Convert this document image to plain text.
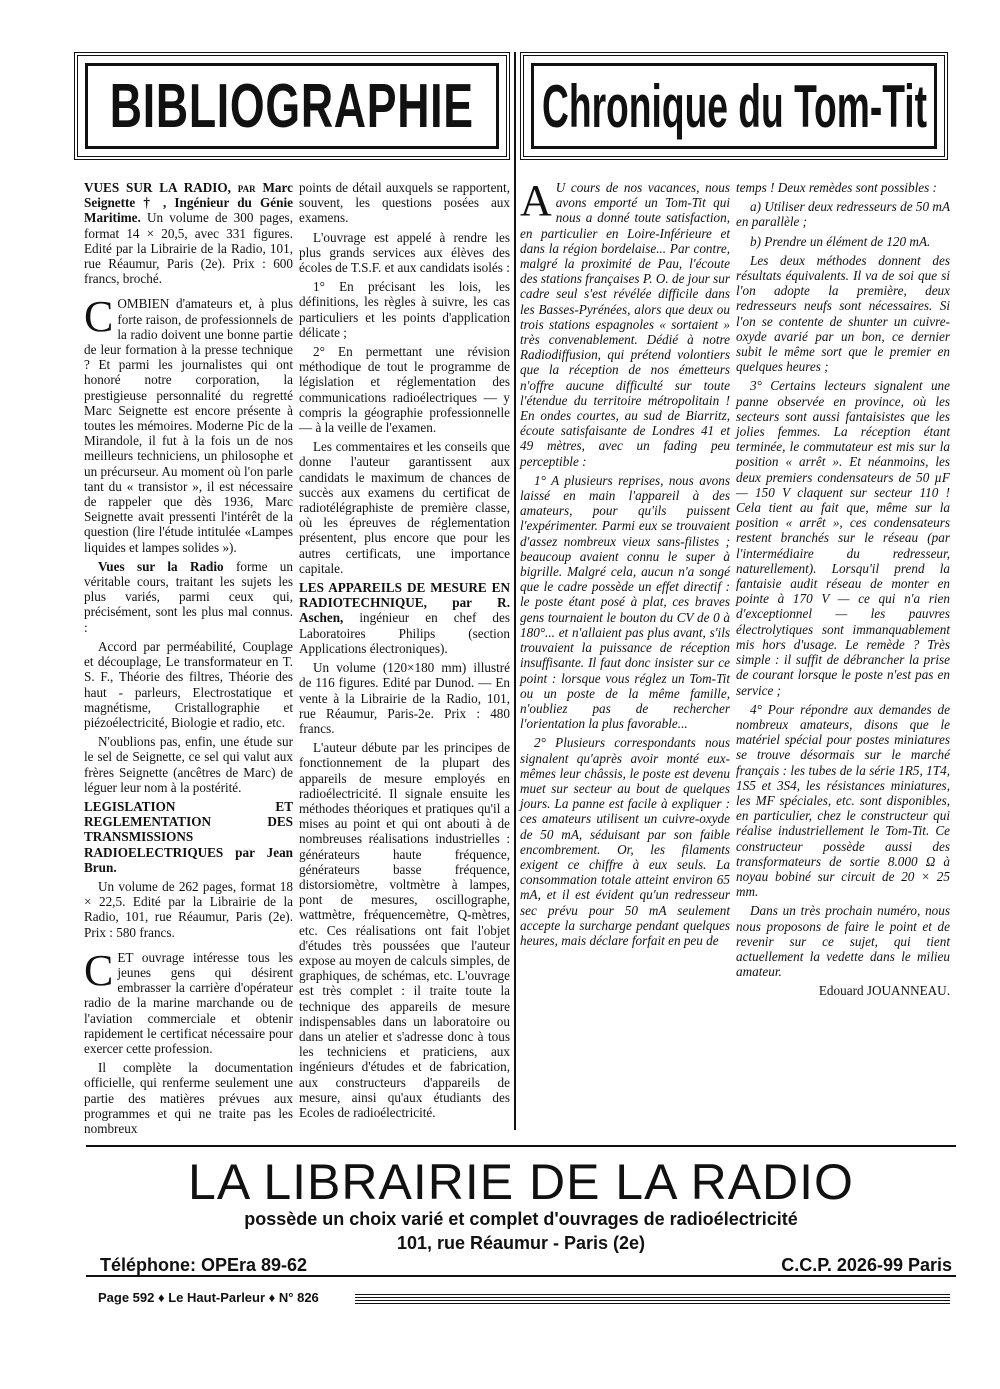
BIBLIOGRAPHIE Chronique du Tom-Tit

VUES SUR LA RADIO, par Marc Seignette † , Ingénieur du Génie Maritime. Un volume de 300 pages, format 14 × 20,5, avec 331 figures. Edité par la Librairie de la Radio, 101, rue Réaumur, Paris (2e). Prix : 600 francs, broché.

COMBIEN d'amateurs et, à plus forte raison, de professionnels de la radio doivent une bonne partie de leur formation à la presse technique ? Et parmi les journalistes qui ont honoré notre corporation, la prestigieuse personnalité du regretté Marc Seignette est encore présente à toutes les mémoires. Moderne Pic de la Mirandole, il fut à la fois un de nos meilleurs techniciens, un philosophe et un précurseur. Au moment où l'on parle tant du « transistor », il est nécessaire de rappeler que dès 1936, Marc Seignette avait pressenti l'intérêt de la question (lire l'étude intitulée «Lampes liquides et lampes solides »).

Vues sur la Radio forme un véritable cours, traitant les sujets les plus variés, parmi ceux qui, précisément, sont les plus mal connus. :

Accord par perméabilité, Couplage et découplage, Le transformateur en T. S. F., Théorie des filtres, Théorie des haut - parleurs, Electrostatique et magnétisme, Cristallographie et piézoélectricité, Biologie et radio, etc.

N'oublions pas, enfin, une étude sur le sel de Seignette, ce sel qui valut aux frères Seignette (ancêtres de Marc) de léguer leur nom à la postérité.

LEGISLATION ET REGLEMENTATION DES TRANSMISSIONS RADIOELECTRIQUES par Jean Brun.

Un volume de 262 pages, format 18 × 22,5. Edité par la Librairie de la Radio, 101, rue Réaumur, Paris (2e). Prix : 580 francs.

CET ouvrage intéresse tous les jeunes gens qui désirent embrasser la carrière d'opérateur radio de la marine marchande ou de l'aviation commerciale et obtenir rapidement le certificat nécessaire pour exercer cette profession.

Il complète la documentation officielle, qui renferme seulement une partie des matières prévues aux programmes et qui ne traite pas les nombreux

points de détail auxquels se rapportent, souvent, les questions posées aux examens.

L'ouvrage est appelé à rendre les plus grands services aux élèves des écoles de T.S.F. et aux candidats isolés :

1° En précisant les lois, les définitions, les règles à suivre, les cas particuliers et les points d'application délicate ;

2° En permettant une révision méthodique de tout le programme de législation et réglementation des communications radioélectriques — y compris la géographie professionnelle — à la veille de l'examen.

Les commentaires et les conseils que donne l'auteur garantissent aux candidats le maximum de chances de succès aux examens du certificat de radiotélégraphiste de première classe, où les épreuves de réglementation présentent, plus encore que pour les autres certificats, une importance capitale.

LES APPAREILS DE MESURE EN RADIOTECHNIQUE, par R. Aschen, ingénieur en chef des Laboratoires Philips (section Applications électroniques).

Un volume (120×180 mm) illustré de 116 figures. Edité par Dunod. — En vente à la Librairie de la Radio, 101, rue Réaumur, Paris-2e. Prix : 480 francs.

L'auteur débute par les principes de fonctionnement de la plupart des appareils de mesure employés en radioélectricité. Il signale ensuite les méthodes théoriques et pratiques qu'il a mises au point et qui ont abouti à de nombreuses réalisations industrielles : générateurs haute fréquence, générateurs basse fréquence, distorsiomètre, voltmètre à lampes, pont de mesures, oscillographe, wattmètre, fréquencemètre, Q-mètres, etc. Ces réalisations ont fait l'objet d'études très poussées que l'auteur expose au moyen de calculs simples, de graphiques, de schémas, etc. L'ouvrage est très complet : il traite toute la technique des appareils de mesure indispensables dans un laboratoire ou dans un atelier et s'adresse donc à tous les techniciens et praticiens, aux ingénieurs d'études et de fabrication, aux constructeurs d'appareils de mesure, ainsi qu'aux étudiants des Ecoles de radioélectricité.

A U cours de nos vacances, nous avons emporté un Tom-Tit qui nous a donné toute satisfaction, en particulier en Loire-Inférieure et dans la région bordelaise... Par contre, malgré la proximité de Pau, l'écoute des stations françaises P. O. de jour sur cadre seul s'est révélée difficile dans les Basses-Pyrénées, alors que deux ou trois stations espagnoles « sortaient » très convenablement. Dédié à notre Radiodiffusion, qui prétend volontiers que la réception de nos émetteurs n'offre aucune difficulté sur toute l'étendue du territoire métropolitain ! En ondes courtes, au sud de Biarritz, écoute satisfaisante de Londres 41 et 49 mètres, avec un fading peu perceptible :

1° A plusieurs reprises, nous avons laissé en main l'appareil à des amateurs, pour qu'ils puissent l'expérimenter. Parmi eux se trouvaient d'assez nombreux vieux sans-filistes ; beaucoup avaient connu le super à bigrille. Malgré cela, aucun n'a songé que le cadre possède un effet directif : le poste étant posé à plat, ces braves gens tournaient le bouton du CV de 0 à 180°... et n'allaient pas plus avant, s'ils trouvaient la puissance de réception insuffisante. Il faut donc insister sur ce point : lorsque vous réglez un Tom-Tit ou un poste de la même famille, n'oubliez pas de rechercher l'orientation la plus favorable...

2° Plusieurs correspondants nous signalent qu'après avoir monté eux-mêmes leur châssis, le poste est devenu muet sur secteur au bout de quelques jours. La panne est facile à expliquer : ces amateurs utilisent un cuivre-oxyde de 50 mA, séduisant par son faible encombrement. Or, les filaments exigent ce chiffre à eux seuls. La consommation totale atteint environ 65 mA, et il est évident qu'un redresseur sec prévu pour 50 mA seulement accepte la surcharge pendant quelques heures, mais déclare forfait en peu de

temps ! Deux remèdes sont possibles :

a) Utiliser deux redresseurs de 50 mA en parallèle ;

b) Prendre un élément de 120 mA.

Les deux méthodes donnent des résultats équivalents. Il va de soi que si l'on adopte la première, deux redresseurs neufs sont nécessaires. Si l'on se contente de shunter un cuivre-oxyde avarié par un bon, ce dernier subit le même sort que le premier en quelques heures ;

3° Certains lecteurs signalent une panne observée en province, où les secteurs sont aussi fantaisistes que les jolies femmes. La réception étant terminée, le commutateur est mis sur la position « arrêt ». Et néanmoins, les deux premiers condensateurs de 50 µF — 150 V claquent sur secteur 110 ! Cela tient au fait que, même sur la position « arrêt », ces condensateurs restent branchés sur le réseau (par l'intermédiaire du redresseur, naturellement). Lorsqu'il prend la fantaisie audit réseau de monter en pointe à 170 V — ce qui n'a rien d'exceptionnel — les pauvres électrolytiques sont immanquablement mis hors d'usage. Le remède ? Très simple : il suffit de débrancher la prise de courant lorsque le poste n'est pas en service ;

4° Pour répondre aux demandes de nombreux amateurs, disons que le matériel spécial pour postes miniatures se trouve désormais sur le marché français : les tubes de la série 1R5, 1T4, 1S5 et 3S4, les résistances miniatures, les MF spéciales, etc. sont disponibles, en particulier, chez le constructeur qui réalise industriellement le Tom-Tit. Ce constructeur possède aussi des transformateurs de sortie 8.000 Ω à noyau bobiné sur circuit de 20 × 25 mm.

Dans un très prochain numéro, nous nous proposons de faire le point et de revenir sur ce sujet, qui tient actuellement la vedette dans le milieu amateur.

Edouard JOUANNEAU.

LA LIBRAIRIE DE LA RADIO
possède un choix varié et complet d'ouvrages de radioélectricité
101, rue Réaumur - Paris (2e)
Téléphone: OPEra 89-62	C.C.P. 2026-99 Paris
Page 592 ♦ Le Haut-Parleur ♦ N° 826
